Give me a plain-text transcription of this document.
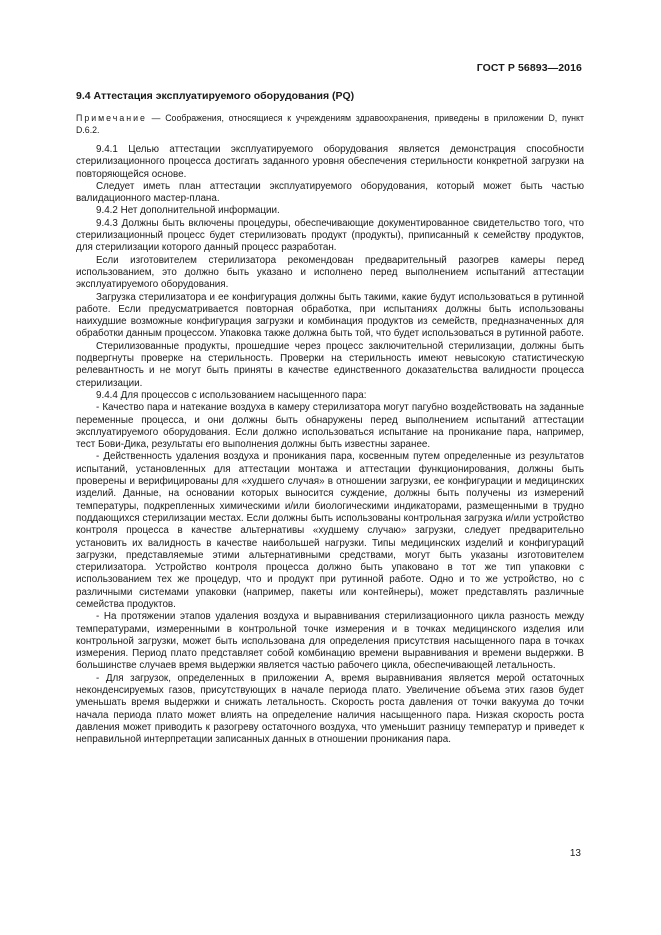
ГОСТ Р 56893—2016

9.4 Аттестация эксплуатируемого оборудования (PQ)

Примечание — Соображения, относящиеся к учреждениям здравоохранения, приведены в приложении D, пункт D.6.2.

9.4.1 Целью аттестации эксплуатируемого оборудования является демонстрация способности стерилизационного процесса достигать заданного уровня обеспечения стерильности конкретной загрузки на повторяющейся основе.

Следует иметь план аттестации эксплуатируемого оборудования, который может быть частью валидационного мастер-плана.

9.4.2 Нет дополнительной информации.

9.4.3 Должны быть включены процедуры, обеспечивающие документированное свидетельство того, что стерилизационный процесс будет стерилизовать продукт (продукты), приписанный к семейству продуктов, для стерилизации которого данный процесс разработан.

Если изготовителем стерилизатора рекомендован предварительный разогрев камеры перед использованием, это должно быть указано и исполнено перед выполнением испытаний аттестации эксплуатируемого оборудования.

Загрузка стерилизатора и ее конфигурация должны быть такими, какие будут использоваться в рутинной работе. Если предусматривается повторная обработка, при испытаниях должны быть использованы наихудшие возможные конфигурация загрузки и комбинация продуктов из семейств, предназначенных для обработки данным процессом. Упаковка также должна быть той, что будет использоваться в рутинной работе.

Стерилизованные продукты, прошедшие через процесс заключительной стерилизации, должны быть подвергнуты проверке на стерильность. Проверки на стерильность имеют невысокую статистическую релевантность и не могут быть приняты в качестве единственного доказательства валидности процесса стерилизации.

9.4.4 Для процессов с использованием насыщенного пара:

- Качество пара и натекание воздуха в камеру стерилизатора могут пагубно воздействовать на заданные переменные процесса, и они должны быть обнаружены перед выполнением испытаний аттестации эксплуатируемого оборудования. Если должно использоваться испытание на проникание пара, например, тест Бови-Дика, результаты его выполнения должны быть известны заранее.

- Действенность удаления воздуха и проникания пара, косвенным путем определенные из результатов испытаний, установленных для аттестации монтажа и аттестации функционирования, должны быть проверены и верифицированы для «худшего случая» в отношении загрузки, ее конфигурации и медицинских изделий. Данные, на основании которых выносится суждение, должны быть получены из измерений температуры, подкрепленных химическими и/или биологическими индикаторами, размещенными в трудно поддающихся стерилизации местах. Если должны быть использованы контрольная загрузка и/или устройство контроля процесса в качестве альтернативы «худшему случаю» загрузки, следует предварительно установить их валидность в качестве наибольшей нагрузки. Типы медицинских изделий и конфигураций загрузки, представляемые этими альтернативными средствами, могут быть указаны изготовителем стерилизатора. Устройство контроля процесса должно быть упаковано в тот же тип упаковки с использованием тех же процедур, что и продукт при рутинной работе. Одно и то же устройство, но с различными системами упаковки (например, пакеты или контейнеры), может представлять различные семейства продуктов.

- На протяжении этапов удаления воздуха и выравнивания стерилизационного цикла разность между температурами, измеренными в контрольной точке измерения и в точках медицинского изделия или контрольной загрузки, может быть использована для определения присутствия насыщенного пара в точках измерения. Период плато представляет собой комбинацию времени выравнивания и времени выдержки. В большинстве случаев время выдержки является частью рабочего цикла, обеспечивающей летальность.

- Для загрузок, определенных в приложении А, время выравнивания является мерой остаточных неконденсируемых газов, присутствующих в начале периода плато. Увеличение объема этих газов будет уменьшать время выдержки и снижать летальность. Скорость роста давления от точки вакуума до точки начала периода плато может влиять на определение наличия насыщенного пара. Низкая скорость роста давления может приводить к разогреву остаточного воздуха, что уменьшит разницу температур и приведет к неправильной интерпретации записанных данных в отношении проникания пара.

13
